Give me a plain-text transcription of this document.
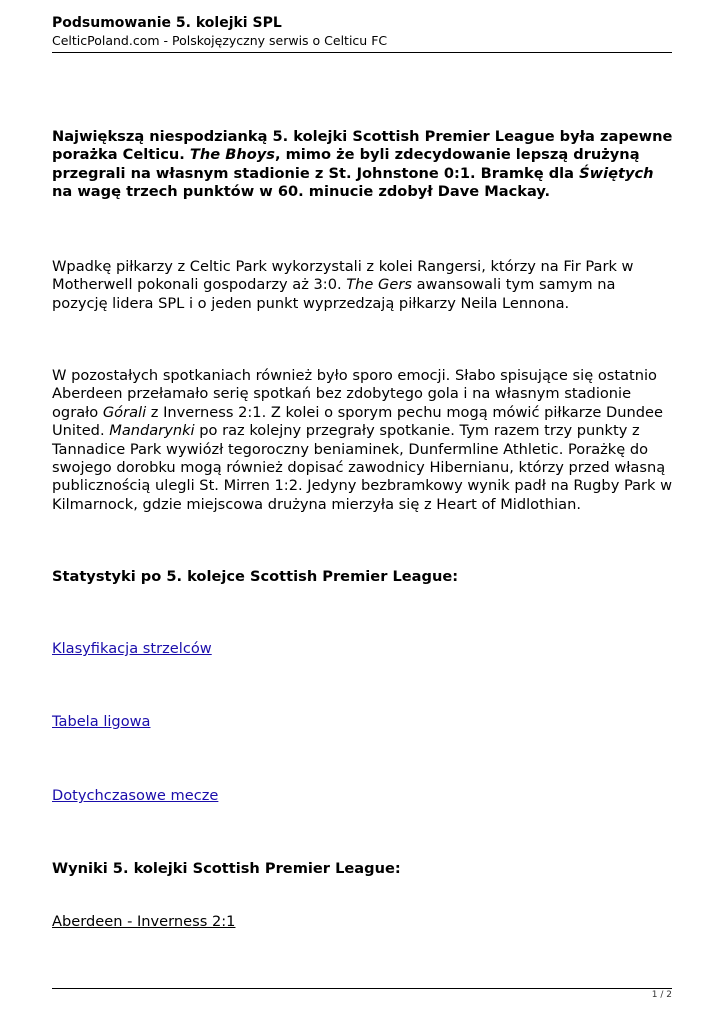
Podsumowanie 5. kolejki SPL
CelticPoland.com - Polskojęzyczny serwis o Celticu FC

Największą niespodzianką 5. kolejki Scottish Premier League była zapewne porażka Celticu. The Bhoys, mimo że byli zdecydowanie lepszą drużyną przegrali na własnym stadionie z St. Johnstone 0:1. Bramkę dla Świętych na wagę trzech punktów w 60. minucie zdobył Dave Mackay.

Wpadkę piłkarzy z Celtic Park wykorzystali z kolei Rangersi, którzy na Fir Park w Motherwell pokonali gospodarzy aż 3:0. The Gers awansowali tym samym na pozycję lidera SPL i o jeden punkt wyprzedzają piłkarzy Neila Lennona.

W pozostałych spotkaniach również było sporo emocji. Słabo spisujące się ostatnio Aberdeen przełamało serię spotkań bez zdobytego gola i na własnym stadionie ograło Górali z Inverness 2:1. Z kolei o sporym pechu mogą mówić piłkarze Dundee United. Mandarynki po raz kolejny przegrały spotkanie. Tym razem trzy punkty z Tannadice Park wywiózł tegoroczny beniaminek, Dunfermline Athletic. Porażkę do swojego dorobku mogą również dopisać zawodnicy Hibernianu, którzy przed własną publicznością ulegli St. Mirren 1:2. Jedyny bezbramkowy wynik padł na Rugby Park w Kilmarnock, gdzie miejscowa drużyna mierzyła się z Heart of Midlothian.

Statystyki po 5. kolejce Scottish Premier League:

Klasyfikacja strzelców

Tabela ligowa

Dotychczasowe mecze

Wyniki 5. kolejki Scottish Premier League:

Aberdeen - Inverness 2:1

1 / 2
